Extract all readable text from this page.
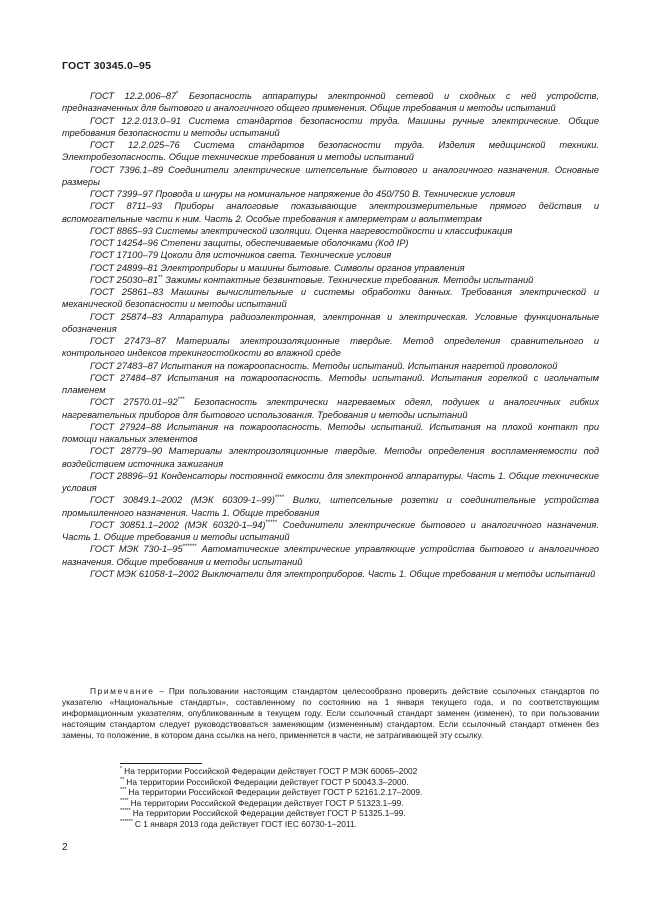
ГОСТ 30345.0–95

ГОСТ 12.2.006–87* Безопасность аппаратуры электронной сетевой и сходных с ней устройств, предназначенных для бытового и аналогичного общего применения. Общие требования и методы испытаний

ГОСТ 12.2.013.0–91 Система стандартов безопасности труда. Машины ручные электрические. Общие требования безопасности и методы испытаний

ГОСТ 12.2.025–76 Система стандартов безопасности труда. Изделия медицинской техники. Электробезопасность. Общие технические требования и методы испытаний

ГОСТ 7396.1–89 Соединители электрические штепсельные бытового и аналогичного назначения. Основные размеры

ГОСТ 7399–97 Провода и шнуры на номинальное напряжение до 450/750 В. Технические условия

ГОСТ 8711–93 Приборы аналоговые показывающие электроизмерительные прямого действия и вспомогательные части к ним. Часть 2. Особые требования к амперметрам и вольтметрам

ГОСТ 8865–93 Системы электрической изоляции. Оценка нагревостойкости и классификация

ГОСТ 14254–96 Степени защиты, обеспечиваемые оболочками (Код IP)

ГОСТ 17100–79 Цоколи для источников света. Технические условия

ГОСТ 24899–81 Электроприборы и машины бытовые. Символы органов управления

ГОСТ 25030–81** Зажимы контактные безвинтовые. Технические требования. Методы испытаний

ГОСТ 25861–83 Машины вычислительные и системы обработки данных. Требования электрической и механической безопасности и методы испытаний

ГОСТ 25874–83 Аппаратура радиоэлектронная, электронная и электрическая. Условные функциональные обозначения

ГОСТ 27473–87 Материалы электроизоляционные твердые. Метод определения сравнительного и контрольного индексов трекингостойкости во влажной среде

ГОСТ 27483–87 Испытания на пожароопасность. Методы испытаний. Испытания нагретой проволокой

ГОСТ 27484–87 Испытания на пожароопасность. Методы испытаний. Испытания горелкой с игольчатым пламенем

ГОСТ 27570.01–92*** Безопасность электрически нагреваемых одеял, подушек и аналогичных гибких нагревательных приборов для бытового использования. Требования и методы испытаний

ГОСТ 27924–88 Испытания на пожароопасность. Методы испытаний. Испытания на плохой контакт при помощи накальных элементов

ГОСТ 28779–90 Материалы электроизоляционные твердые. Методы определения воспламеняемости под воздействием источника зажигания

ГОСТ 28896–91 Конденсаторы постоянной емкости для электронной аппаратуры. Часть 1. Общие технические условия

ГОСТ 30849.1–2002 (МЭК 60309-1–99)**** Вилки, штепсельные розетки и соединительные устройства промышленного назначения. Часть 1. Общие требования

ГОСТ 30851.1–2002 (МЭК 60320-1–94)***** Соединители электрические бытового и аналогичного назначения. Часть 1. Общие требования и методы испытаний

ГОСТ МЭК 730-1–95****** Автоматические электрические управляющие устройства бытового и аналогичного назначения. Общие требования и методы испытаний

ГОСТ МЭК 61058-1–2002 Выключатели для электроприборов. Часть 1. Общие требования и методы испытаний

Примечание – При пользовании настоящим стандартом целесообразно проверить действие ссылочных стандартов по указателю «Национальные стандарты», составленному по состоянию на 1 января текущего года, и по соответствующим информационным указателям, опубликованным в текущем году. Если ссылочный стандарт заменен (изменен), то при пользовании настоящим стандартом следует руководствоваться заменяющим (измененным) стандартом. Если ссылочный стандарт отменен без замены, то положение, в котором дана ссылка на него, применяется в части, не затрагивающей эту ссылку.

* На территории Российской Федерации действует ГОСТ Р МЭК 60065–2002
** На территории Российской Федерации действует ГОСТ Р 50043.3–2000.
*** На территории Российской Федерации действует ГОСТ Р 52161.2.17–2009.
**** На территории Российской Федерации действует ГОСТ Р 51323.1–99.
***** На территории Российской Федерации действует ГОСТ Р 51325.1–99.
****** С 1 января 2013 года действует ГОСТ IEC 60730-1–2011.
2
